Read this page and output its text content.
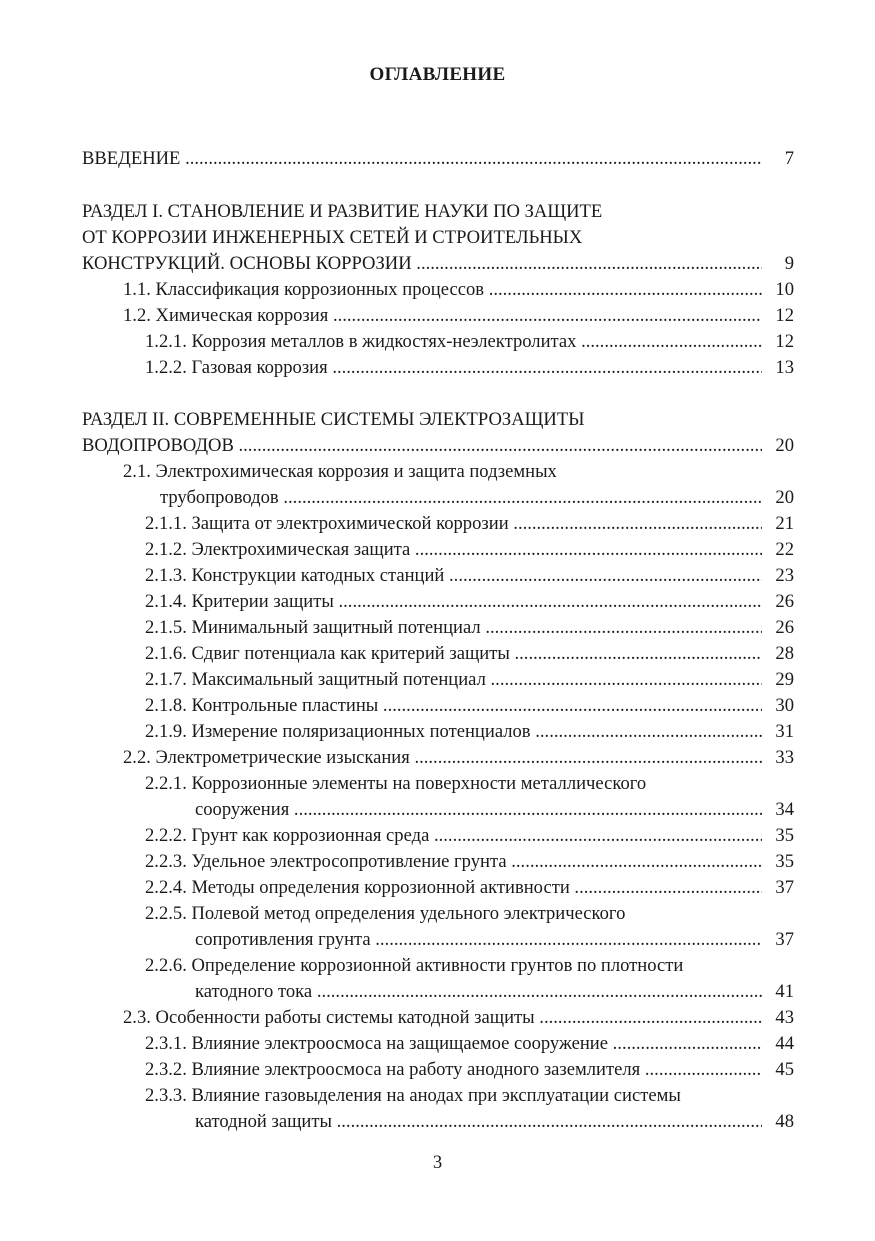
ОГЛАВЛЕНИЕ
ВВЕДЕНИЕ .....	7
РАЗДЕЛ I. СТАНОВЛЕНИЕ И РАЗВИТИЕ НАУКИ ПО ЗАЩИТЕ
ОТ КОРРОЗИИ ИНЖЕНЕРНЫХ СЕТЕЙ И СТРОИТЕЛЬНЫХ
КОНСТРУКЦИЙ. ОСНОВЫ КОРРОЗИИ .....	9
1.1. Классификация коррозионных процессов .....	10
1.2. Химическая коррозия .....	12
1.2.1. Коррозия металлов в жидкостях-неэлектролитах .....	12
1.2.2. Газовая коррозия .....	13
РАЗДЕЛ II. СОВРЕМЕННЫЕ СИСТЕМЫ ЭЛЕКТРОЗАЩИТЫ
ВОДОПРОВОДОВ .....	20
2.1. Электрохимическая коррозия и защита подземных
трубопроводов .....	20
2.1.1. Защита от электрохимической коррозии .....	21
2.1.2. Электрохимическая защита .....	22
2.1.3. Конструкции катодных станций .....	23
2.1.4. Критерии защиты .....	26
2.1.5. Минимальный защитный потенциал .....	26
2.1.6. Сдвиг потенциала как критерий защиты .....	28
2.1.7. Максимальный защитный потенциал .....	29
2.1.8. Контрольные пластины .....	30
2.1.9. Измерение поляризационных потенциалов .....	31
2.2. Электрометрические изыскания .....	33
2.2.1. Коррозионные элементы на поверхности металлического
сооружения .....	34
2.2.2. Грунт как коррозионная среда .....	35
2.2.3. Удельное электросопротивление грунта .....	35
2.2.4. Методы определения коррозионной активности .....	37
2.2.5. Полевой метод определения удельного электрического
сопротивления грунта .....	37
2.2.6. Определение коррозионной активности грунтов по плотности
катодного тока .....	41
2.3. Особенности работы системы катодной защиты .....	43
2.3.1. Влияние электроосмоса на защищаемое сооружение .....	44
2.3.2. Влияние электроосмоса на работу анодного заземлителя .....	45
2.3.3. Влияние газовыделения на анодах при эксплуатации системы
катодной защиты .....	48
3
